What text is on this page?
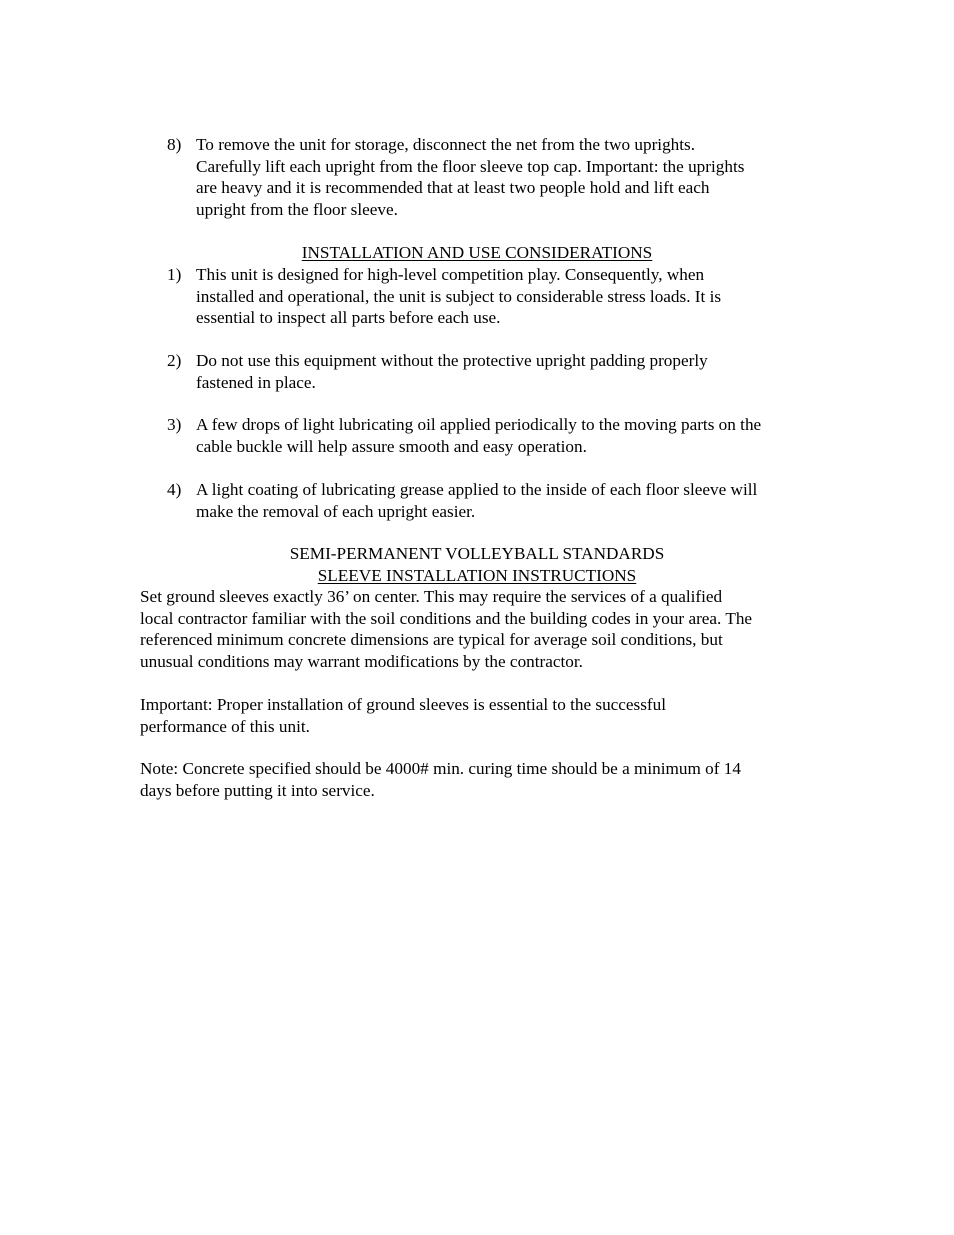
8) To remove the unit for storage, disconnect the net from the two uprights.
Carefully lift each upright from the floor sleeve top cap. Important: the uprights
are heavy and it is recommended that at least two people hold and lift each
upright from the floor sleeve.
INSTALLATION AND USE CONSIDERATIONS
1) This unit is designed for high-level competition play. Consequently, when
installed and operational, the unit is subject to considerable stress loads. It is
essential to inspect all parts before each use.
2) Do not use this equipment without the protective upright padding properly
fastened in place.
3) A few drops of light lubricating oil applied periodically to the moving parts on the
cable buckle will help assure smooth and easy operation.
4) A light coating of lubricating grease applied to the inside of each floor sleeve will
make the removal of each upright easier.
SEMI-PERMANENT VOLLEYBALL STANDARDS
SLEEVE INSTALLATION INSTRUCTIONS
Set ground sleeves exactly 36’ on center. This may require the services of a qualified
local contractor familiar with the soil conditions and the building codes in your area. The
referenced minimum concrete dimensions are typical for average soil conditions, but
unusual conditions may warrant modifications by the contractor.
Important: Proper installation of ground sleeves is essential to the successful
performance of this unit.
Note: Concrete specified should be 4000# min. curing time should be a minimum of 14
days before putting it into service.
